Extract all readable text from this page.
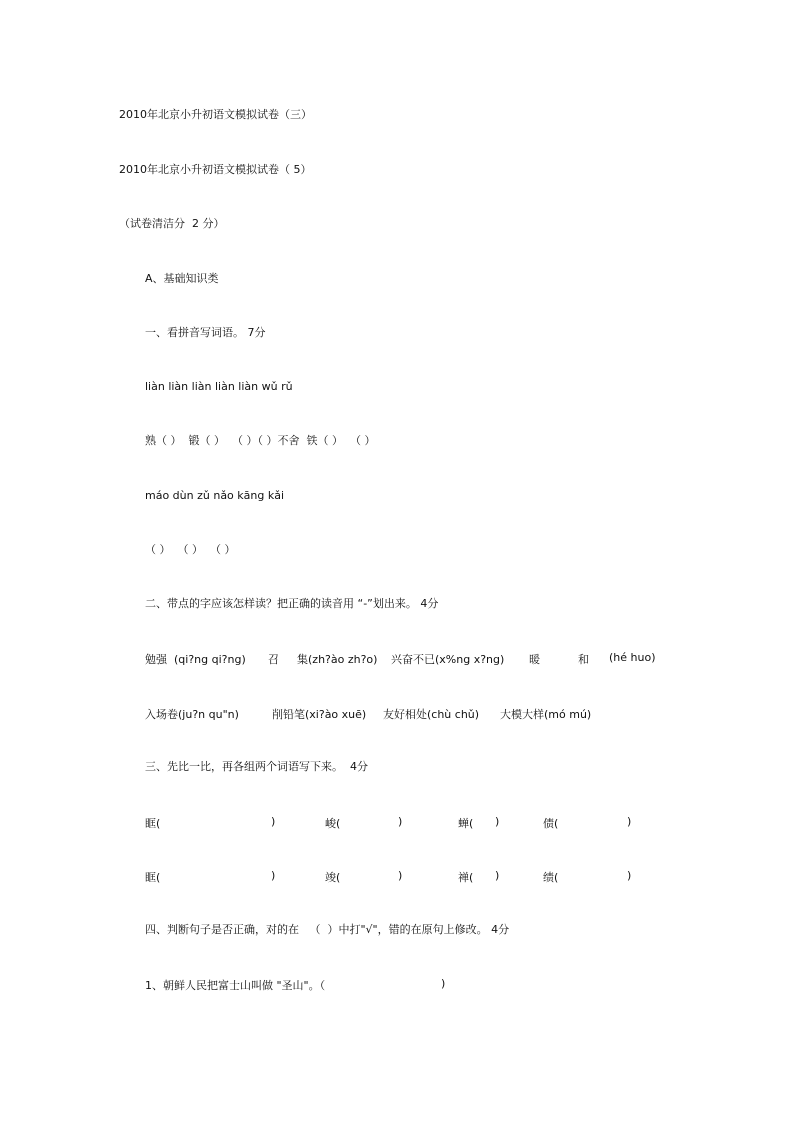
2010年北京小升初语文模拟试卷（三）
2010年北京小升初语文模拟试卷（ 5）
（试卷清洁分  2 分）
A、基础知识类
一、看拼音写词语。 7分
liàn liàn liàn liàn liàn wǔ rǔ
熟（ ）  锻（ ）  （ ）（ ）不舍  铁（ ）  （ ）
máo dùn zǔ nǎo kāng kǎi
（ ）  （ ）  （ ）
二、带点的字应该怎样读？把正确的读音用 “-”划出来。 4分
勉强  (qi?ng qi?ng) 召 集(zh?ào zh?o) 兴奋不已(x%ng x?ng) 暖	和 (hé huo)
入场卷(ju?n qu"n)	削铅笔(xi?ào xuē) 友好相处(chù chǔ) 大模大样(mó mú)
三、先比一比，再各组两个词语写下来。  4分
眶(	)	峻(	)	蝉( )	债(	)
眶(	)	竣(	)	禅( )	绩(	)
四、判断句子是否正确，对的在   （  ）中打"√"，错的在原句上修改。 4分
1、朝鲜人民把富士山叫做 "圣山"。（	)
